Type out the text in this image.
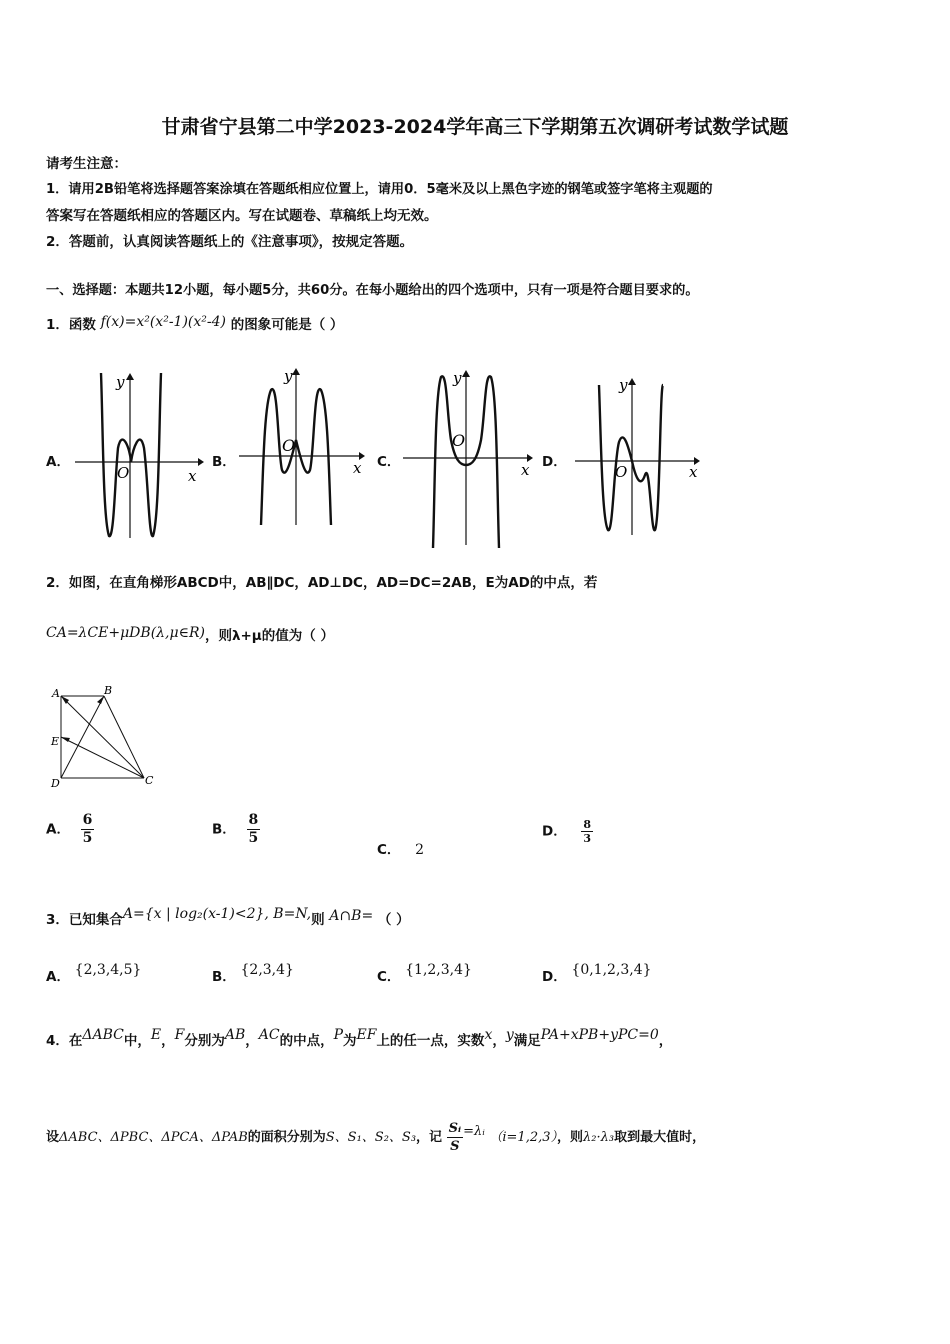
甘肃省宁县第二中学2023-2024学年高三下学期第五次调研考试数学试题
请考生注意：
1．请用2B铅笔将选择题答案涂填在答题纸相应位置上，请用0．5毫米及以上黑色字迹的钢笔或签字笔将主观题的
答案写在答题纸相应的答题区内。写在试题卷、草稿纸上均无效。
2．答题前，认真阅读答题纸上的《注意事项》，按规定答题。
一、选择题：本题共12小题，每小题5分，共60分。在每小题给出的四个选项中，只有一项是符合题目要求的。
1．函数 f(x)=x²(x²-1)(x²-4) 的图象可能是（ ）
A．	B．	C．	D．
y
x
O
y
x
O
y
x
O
y
x
O
2．如图，在直角梯形ABCD中，AB∥DC，AD⊥DC，AD=DC=2AB，E为AD的中点，若
CA=λCE+μDB(λ,μ∈R)，则λ+μ的值为（ ）
A	B
E
D	C
A． $\frac{6}{5}$	B． $\frac{8}{5}$
C． 2
D． $\frac{8}{3}$
3．已知集合A={x | log₂(x-1)<2}, B=N,则 A∩B= （ ）
A． {2,3,4,5}	B． {2,3,4}	C． {1,2,3,4}	D． {0,1,2,3,4}
4．在ΔABC中，E，F分别为AB，AC的中点，P为EF上的任一点，实数x，y满足PA+xPB+yPC=0，
设ΔABC、ΔPBC、ΔPCA、ΔPAB的面积分别为S、S₁、S₂、S₃，记 $\frac{\text{Sᵢ}}{S}$ =λᵢ （i=1,2,3），则λ₂·λ₃取到最大值时，
